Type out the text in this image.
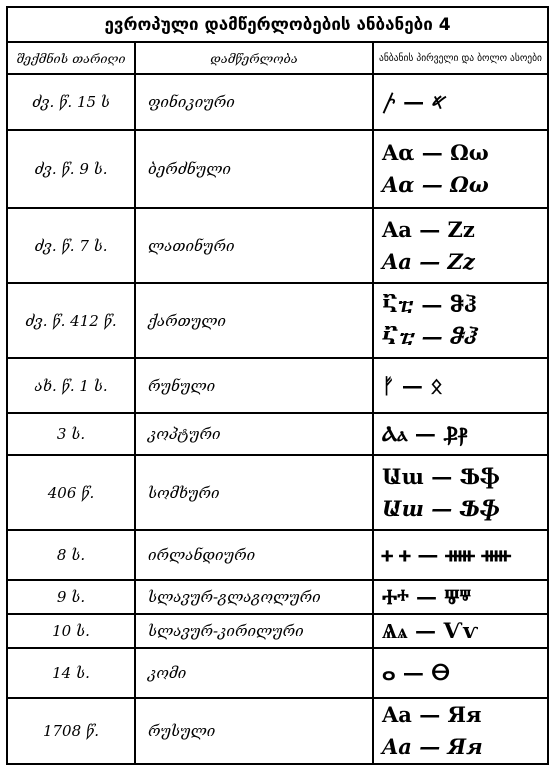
ევროპული დამწერლობების ანბანები 4		
შექმნის თარიღი	დამწერლობა	ანბანის პირველი და ბოლო ასოები
ძვ. წ. 15 ს	ფინიკიური	𐤀 — 𐤕

ძვ. წ. 9 ს.	ბერძნული	Αα — Ωω
Αα — Ωω

ძვ. წ. 7 ს.	ლათინური	Aa — Zz
Aa — Zz

ძვ. წ. 412 წ.	ქართული	Ⴀⴀ — ჵჰ
Ⴀⴀ — ჵჰ

ახ. წ. 1 ს.	რუნული	ᚠ — ᛟ

3 ს.	კოპტური	Ⲁⲁ — Ⳁⳁ

406 წ.	სომხური	Աա — Ֆֆ
Աա — Ֆֆ

8 ს.	ირლანდიური	ᚐ ᚐ — ᚔ ᚔ

9 ს.	სლავურ-გლაგოლური	Ⰰⰰ — Ⱋⱋ

10 ს.	სლავურ-კირილური	Ѧѧ — Ѵѵ

14 ს.	კომი	ⴰ — ⴱ

1708 წ.	რუსული	Aa — Яя
Aa — Яя
